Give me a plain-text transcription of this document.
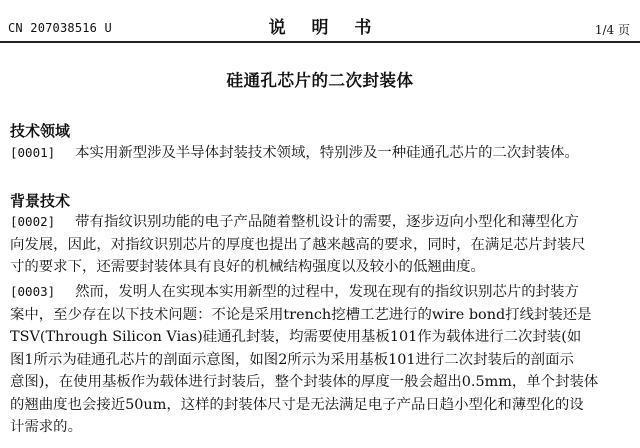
CN 207038516 U	说 明 书	1/4 页
硅通孔芯片的二次封装体
技术领域
[0001] 本实用新型涉及半导体封装技术领域，特别涉及一种硅通孔芯片的二次封装体。
背景技术
[0002] 带有指纹识别功能的电子产品随着整机设计的需要，逐步迈向小型化和薄型化方
向发展，因此，对指纹识别芯片的厚度也提出了越来越高的要求，同时，在满足芯片封装尺
寸的要求下，还需要封装体具有良好的机械结构强度以及较小的低翘曲度。
[0003] 然而，发明人在实现本实用新型的过程中，发现在现有的指纹识别芯片的封装方
案中，至少存在以下技术问题：不论是采用trench挖槽工艺进行的wire bond打线封装还是
TSV(Through Silicon Vias)硅通孔封装，均需要使用基板101作为载体进行二次封装(如
图1所示为硅通孔芯片的剖面示意图，如图2所示为采用基板101进行二次封装后的剖面示
意图)，在使用基板作为载体进行封装后，整个封装体的厚度一般会超出0.5mm，单个封装体
的翘曲度也会接近50um，这样的封装体尺寸是无法满足电子产品日趋小型化和薄型化的设
计需求的。
